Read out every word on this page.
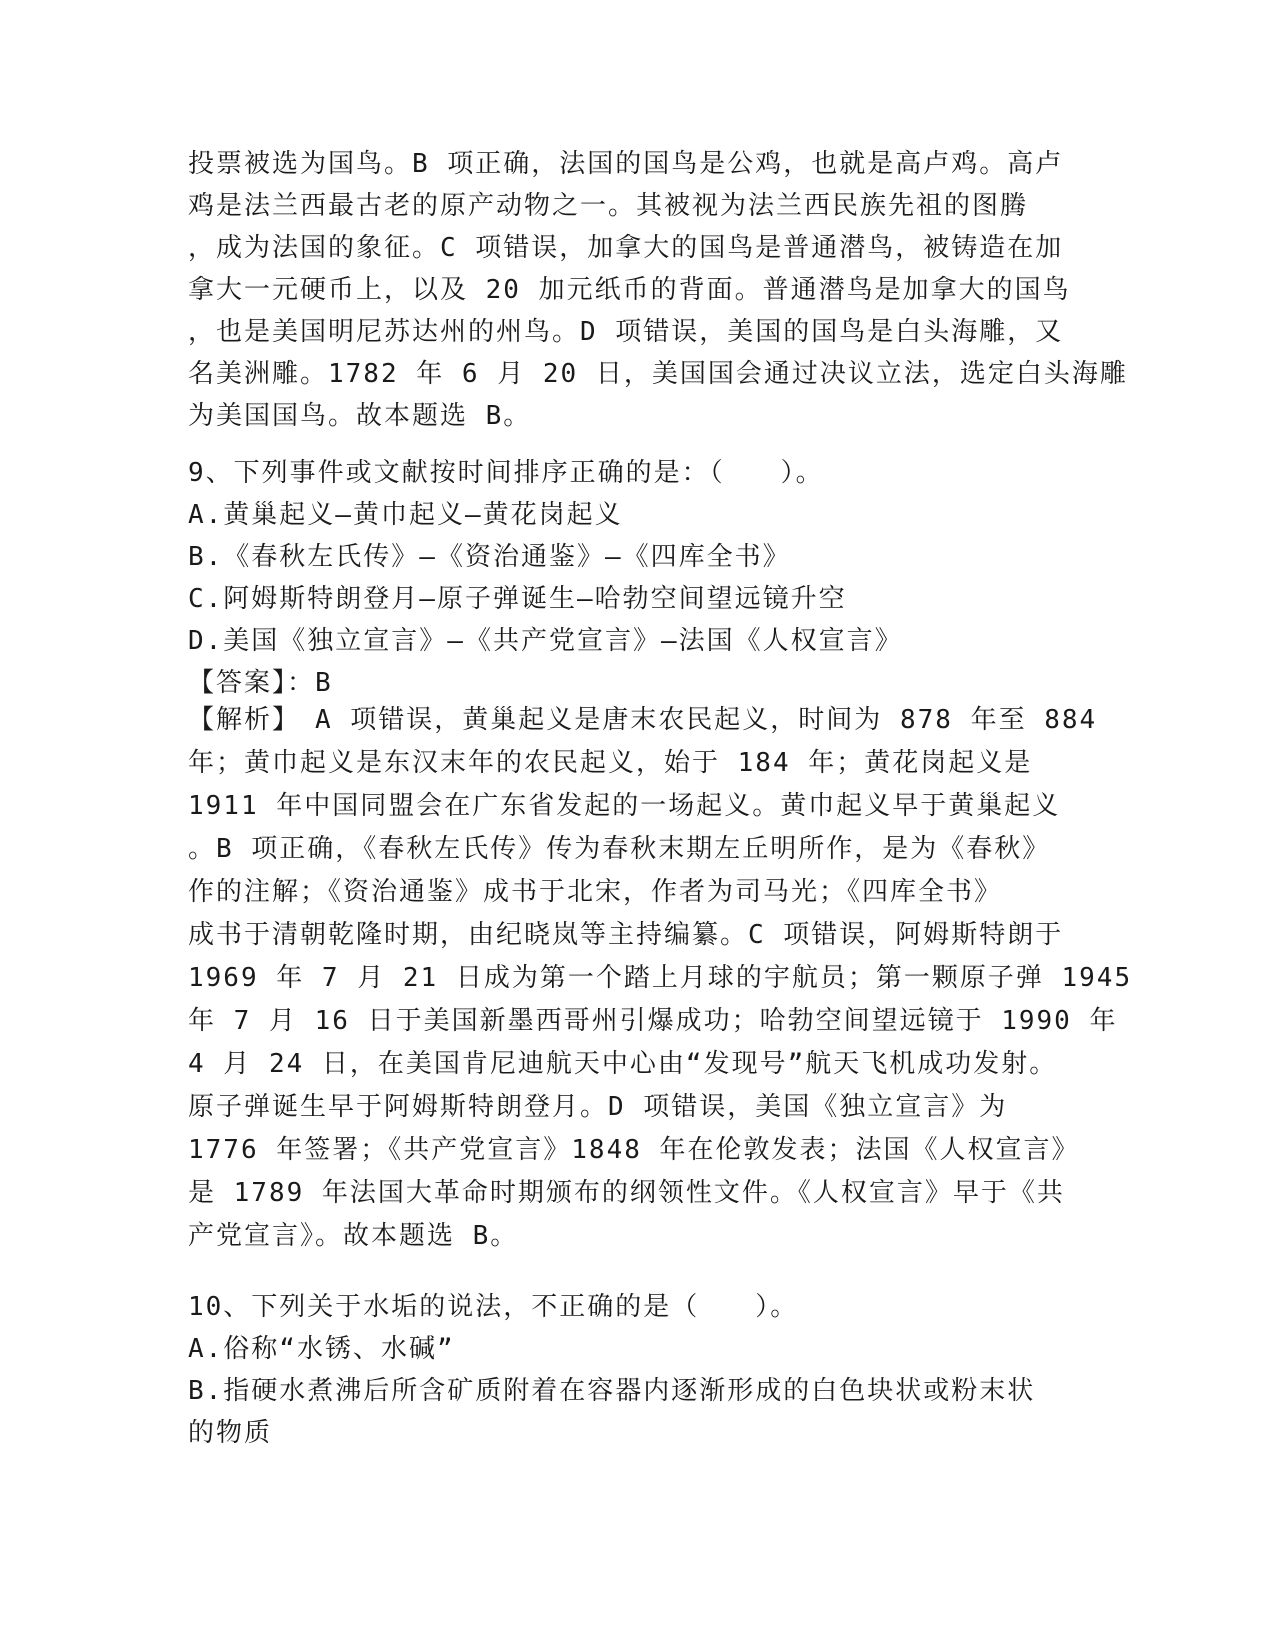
投票被选为国鸟。B 项正确，法国的国鸟是公鸡，也就是高卢鸡。高卢
鸡是法兰西最古老的原产动物之一。其被视为法兰西民族先祖的图腾
，成为法国的象征。C 项错误，加拿大的国鸟是普通潜鸟，被铸造在加
拿大一元硬币上，以及 20 加元纸币的背面。普通潜鸟是加拿大的国鸟
，也是美国明尼苏达州的州鸟。D 项错误，美国的国鸟是白头海雕，又
名美洲雕。1782 年 6 月 20 日，美国国会通过决议立法，选定白头海雕
为美国国鸟。故本题选 B。
9、下列事件或文献按时间排序正确的是：（　　）。
A.黄巢起义—黄巾起义—黄花岗起义
B.《春秋左氏传》—《资治通鉴》—《四库全书》
C.阿姆斯特朗登月—原子弹诞生—哈勃空间望远镜升空
D.美国《独立宣言》—《共产党宣言》—法国《人权宣言》
【答案】：B
【解析】　A 项错误，黄巢起义是唐末农民起义，时间为 878 年至 884
年；黄巾起义是东汉末年的农民起义，始于 184 年；黄花岗起义是
1911 年中国同盟会在广东省发起的一场起义。黄巾起义早于黄巢起义
。B 项正确，《春秋左氏传》传为春秋末期左丘明所作，是为《春秋》
作的注解；《资治通鉴》成书于北宋，作者为司马光；《四库全书》
成书于清朝乾隆时期，由纪晓岚等主持编纂。C 项错误，阿姆斯特朗于
1969 年 7 月 21 日成为第一个踏上月球的宇航员；第一颗原子弹 1945
年 7 月 16 日于美国新墨西哥州引爆成功；哈勃空间望远镜于 1990 年
4 月 24 日，在美国肯尼迪航天中心由“发现号”航天飞机成功发射。
原子弹诞生早于阿姆斯特朗登月。D 项错误，美国《独立宣言》为
1776 年签署；《共产党宣言》1848 年在伦敦发表；法国《人权宣言》
是 1789 年法国大革命时期颁布的纲领性文件。《人权宣言》早于《共
产党宣言》。故本题选 B。
10、下列关于水垢的说法，不正确的是（　　）。
A.俗称“水锈、水碱”
B.指硬水煮沸后所含矿质附着在容器内逐渐形成的白色块状或粉末状
的物质
